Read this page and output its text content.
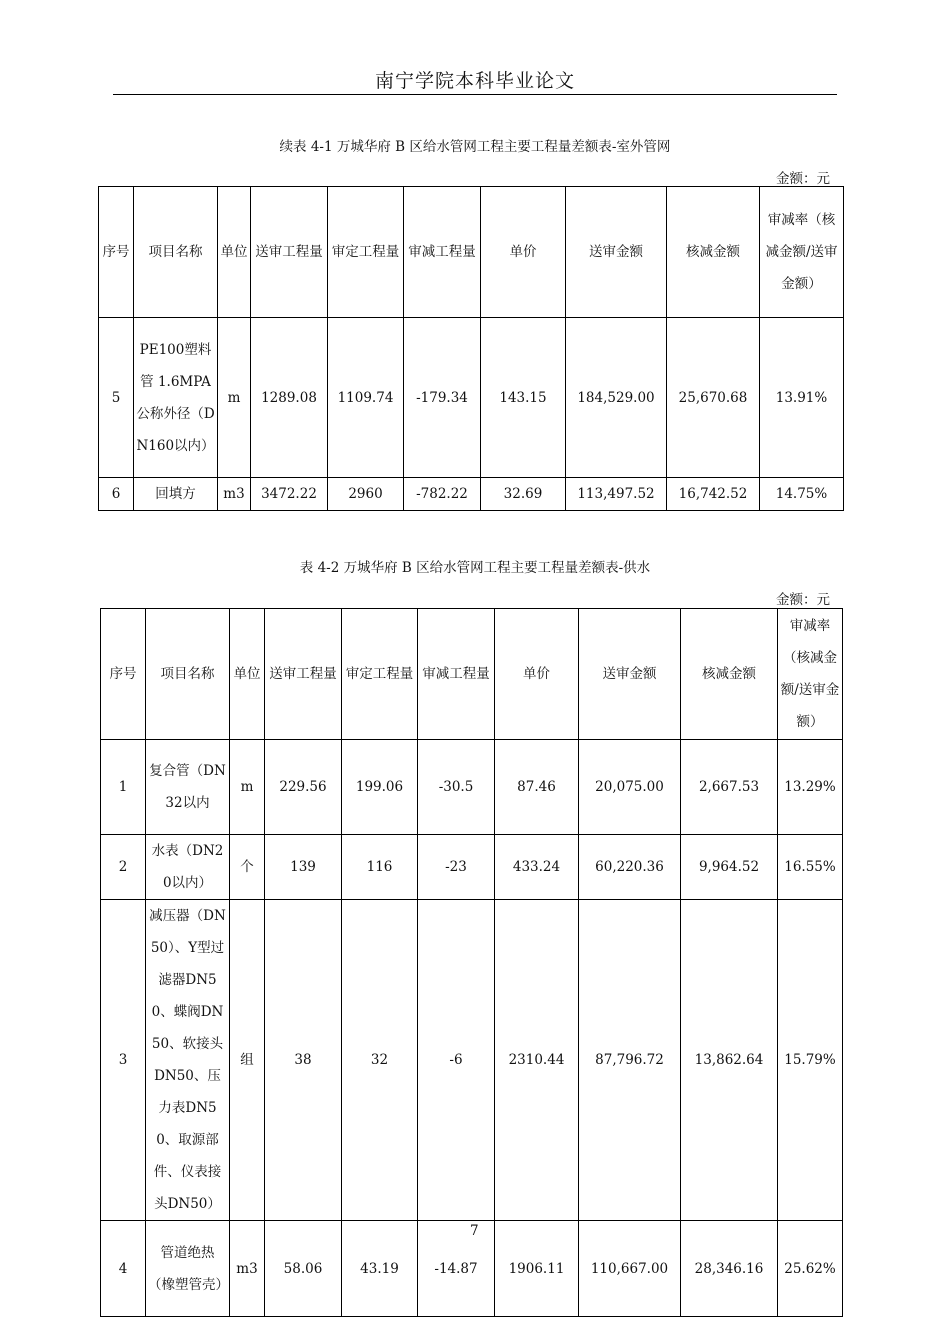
南宁学院本科毕业论文
续表 4-1 万城华府 B 区给水管网工程主要工程量差额表-室外管网
金额：元
序号	项目名称	单位	送审工程量	审定工程量	审减工程量	单价	送审金额	核减金额	审减率（核减金额/送审金额）
5	PE100塑料管 1.6MPA 公称外径（DN160以内）	m	1289.08	1109.74	-179.34	143.15	184,529.00	25,670.68	13.91%
6	回填方	m3	3472.22	2960	-782.22	32.69	113,497.52	16,742.52	14.75%
表 4-2 万城华府 B 区给水管网工程主要工程量差额表-供水
金额：元
序号	项目名称	单位	送审工程量	审定工程量	审减工程量	单价	送审金额	核减金额	审减率（核减金额/送审金额）
1	复合管（DN32以内	m	229.56	199.06	-30.5	87.46	20,075.00	2,667.53	13.29%
2	水表（DN20以内）	个	139	116	-23	433.24	60,220.36	9,964.52	16.55%
3	减压器（DN50）、Y型过滤器DN50、蝶阀DN50、软接头DN50、压力表DN50、取源部件、仪表接头DN50）	组	38	32	-6	2310.44	87,796.72	13,862.64	15.79%
4	管道绝热（橡塑管壳）	m3	58.06	43.19	-14.87	1906.11	110,667.00	28,346.16	25.62%
7
